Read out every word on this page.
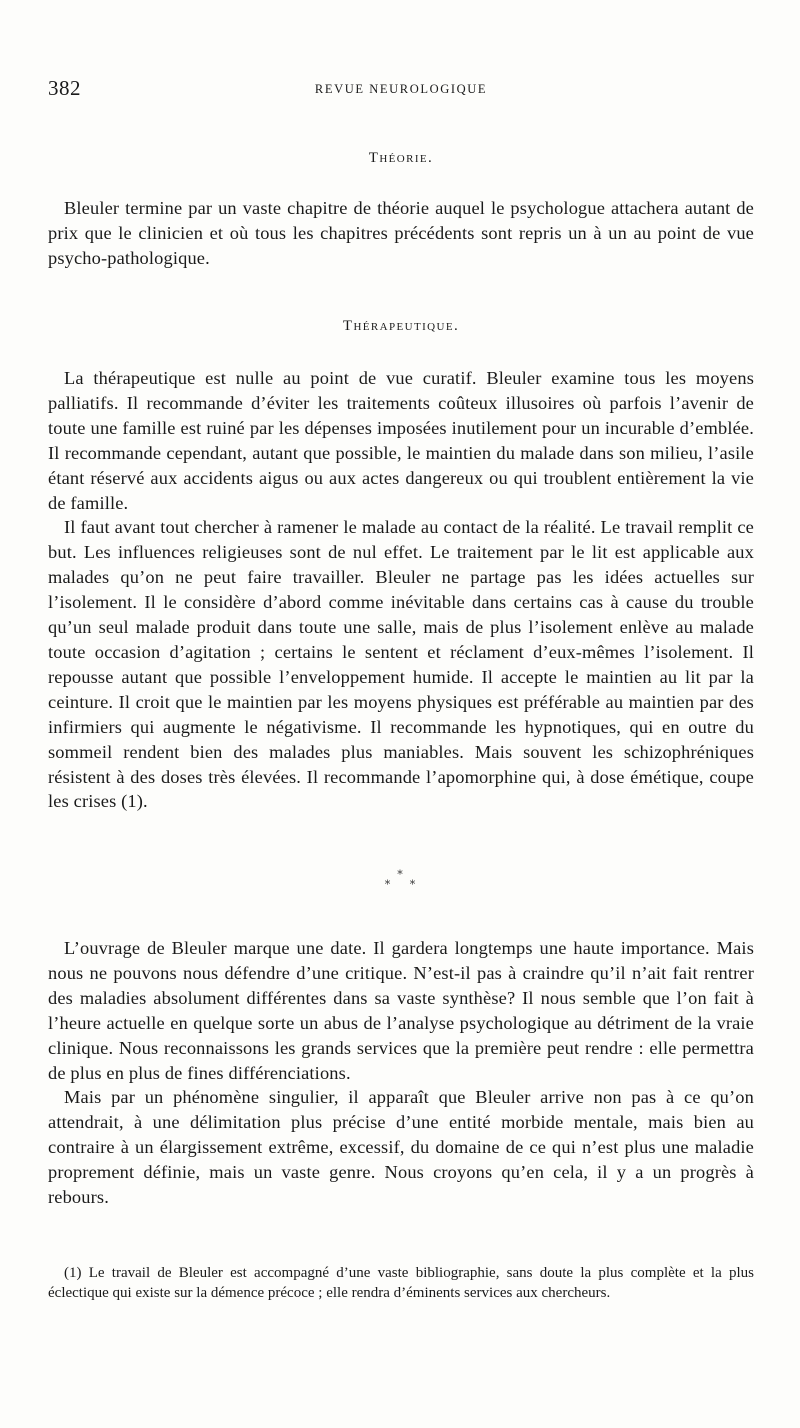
382	REVUE NEUROLOGIQUE
Théorie.

Bleuler termine par un vaste chapitre de théorie auquel le psychologue attachera autant de prix que le clinicien et où tous les chapitres précédents sont repris un à un au point de vue psycho-pathologique.

Thérapeutique.

La thérapeutique est nulle au point de vue curatif. Bleuler examine tous les moyens palliatifs. Il recommande d’éviter les traitements coûteux illusoires où parfois l’avenir de toute une famille est ruiné par les dépenses imposées inutilement pour un incurable d’emblée. Il recommande cependant, autant que possible, le maintien du malade dans son milieu, l’asile étant réservé aux accidents aigus ou aux actes dangereux ou qui troublent entièrement la vie de famille.

Il faut avant tout chercher à ramener le malade au contact de la réalité. Le travail remplit ce but. Les influences religieuses sont de nul effet. Le traitement par le lit est applicable aux malades qu’on ne peut faire travailler. Bleuler ne partage pas les idées actuelles sur l’isolement. Il le considère d’abord comme inévitable dans certains cas à cause du trouble qu’un seul malade produit dans toute une salle, mais de plus l’isolement enlève au malade toute occasion d’agitation ; certains le sentent et réclament d’eux-mêmes l’isolement. Il repousse autant que possible l’enveloppement humide. Il accepte le maintien au lit par la ceinture. Il croit que le maintien par les moyens physiques est préférable au maintien par des infirmiers qui augmente le négativisme. Il recommande les hypnotiques, qui en outre du sommeil rendent bien des malades plus maniables. Mais souvent les schizophréniques résistent à des doses très élevées. Il recommande l’apomorphine qui, à dose émétique, coupe les crises (1).

*
* *

L’ouvrage de Bleuler marque une date. Il gardera longtemps une haute importance. Mais nous ne pouvons nous défendre d’une critique. N’est-il pas à craindre qu’il n’ait fait rentrer des maladies absolument différentes dans sa vaste synthèse? Il nous semble que l’on fait à l’heure actuelle en quelque sorte un abus de l’analyse psychologique au détriment de la vraie clinique. Nous reconnaissons les grands services que la première peut rendre : elle permettra de plus en plus de fines différenciations.

Mais par un phénomène singulier, il apparaît que Bleuler arrive non pas à ce qu’on attendrait, à une délimitation plus précise d’une entité morbide mentale, mais bien au contraire à un élargissement extrême, excessif, du domaine de ce qui n’est plus une maladie proprement définie, mais un vaste genre. Nous croyons qu’en cela, il y a un progrès à rebours.

(1) Le travail de Bleuler est accompagné d’une vaste bibliographie, sans doute la plus complète et la plus éclectique qui existe sur la démence précoce ; elle rendra d’éminents services aux chercheurs.
